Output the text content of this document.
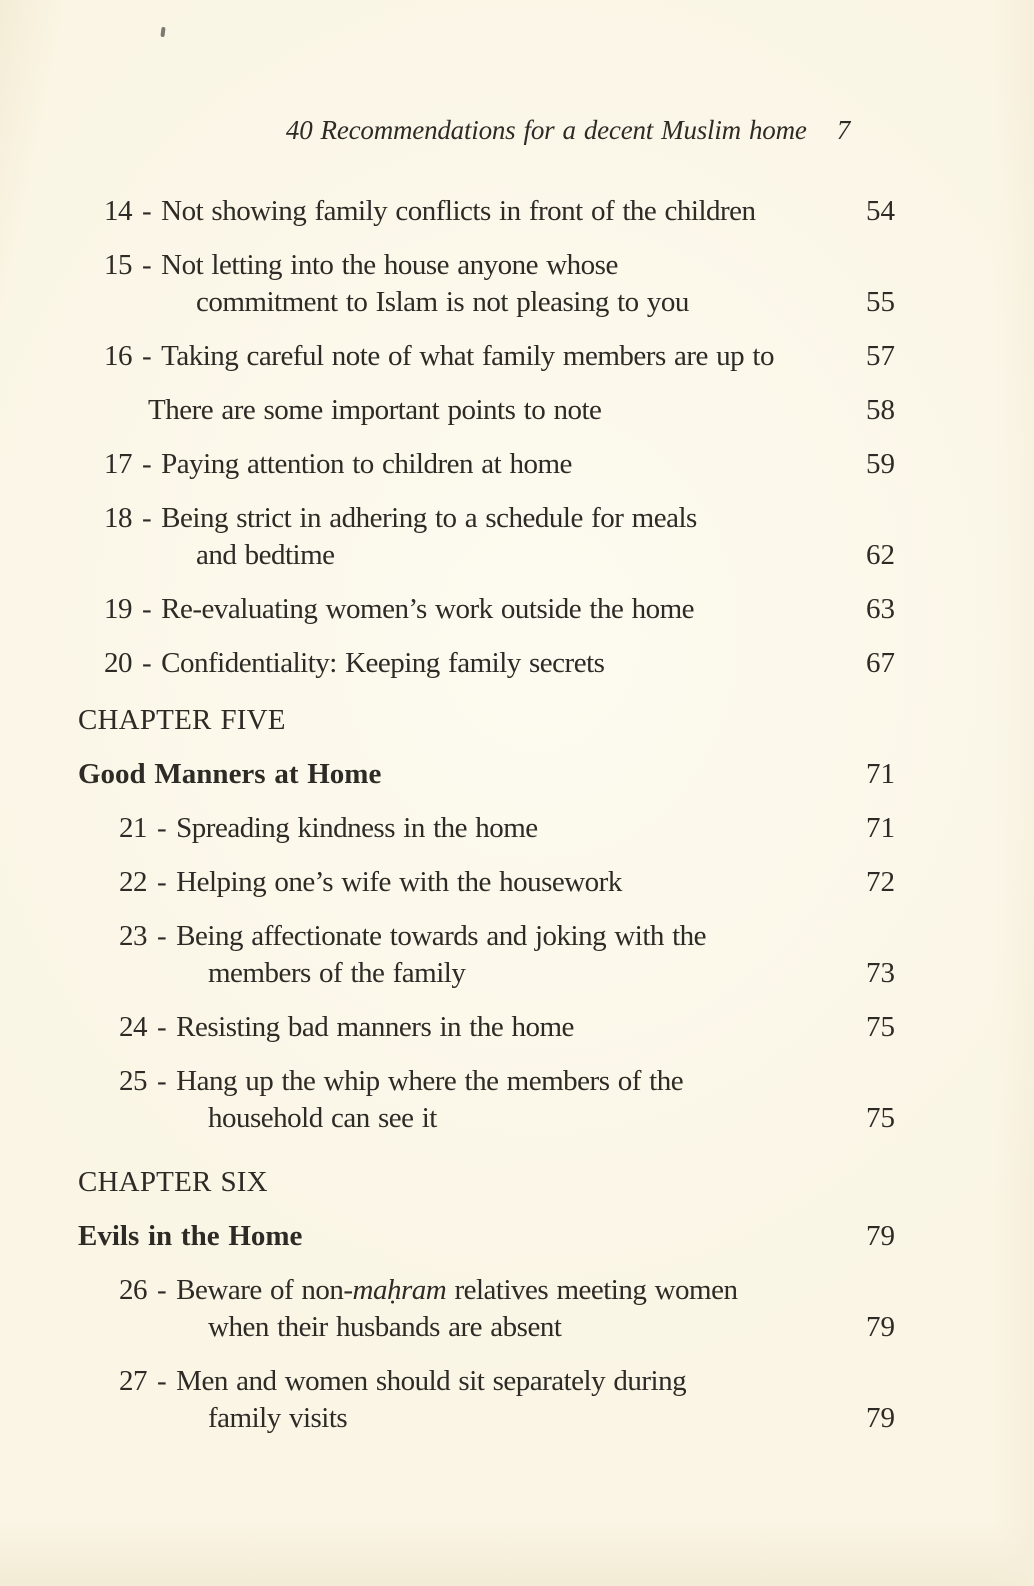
40 Recommendations for a decent Muslim home 7
14 - Not showing family conflicts in front of the children	54
15 - Not letting into the house anyone whose
commitment to Islam is not pleasing to you	55
16 - Taking careful note of what family members are up to	57
There are some important points to note	58
17 - Paying attention to children at home	59
18 - Being strict in adhering to a schedule for meals
and bedtime	62
19 - Re-evaluating women’s work outside the home	63
20 - Confidentiality: Keeping family secrets	67
CHAPTER FIVE
Good Manners at Home	71
21 - Spreading kindness in the home	71
22 - Helping one’s wife with the housework	72
23 - Being affectionate towards and joking with the
members of the family	73
24 - Resisting bad manners in the home	75
25 - Hang up the whip where the members of the
household can see it	75
CHAPTER SIX
Evils in the Home	79
26 - Beware of non-maḥram relatives meeting women
when their husbands are absent	79
27 - Men and women should sit separately during
family visits	79
